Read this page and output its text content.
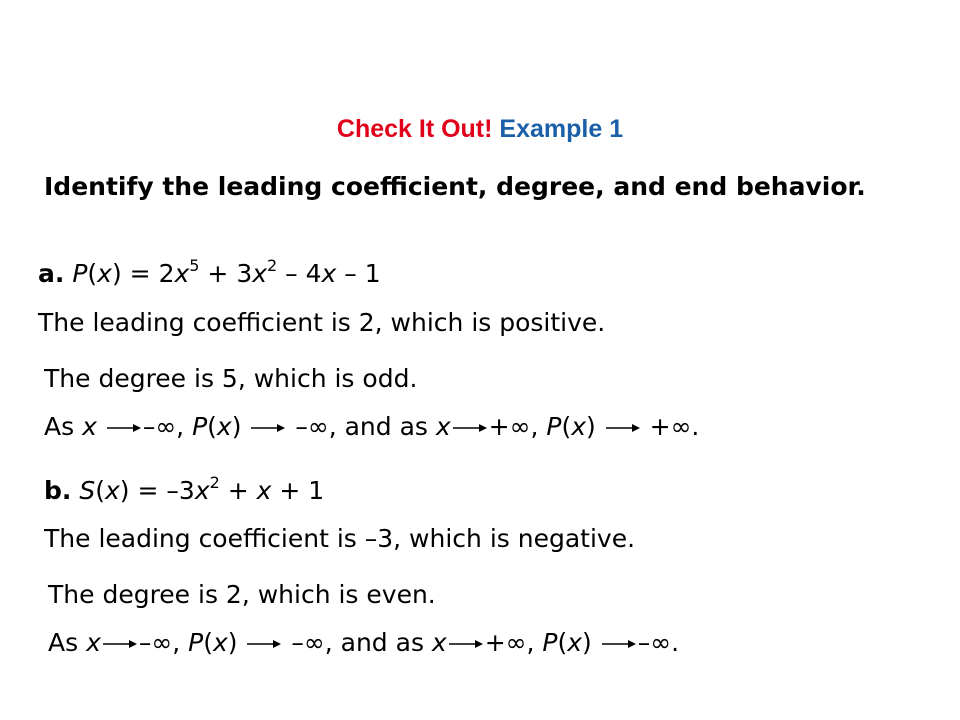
Check It Out! Example 1
Identify the leading coefficient, degree, and end behavior.
a. $P(x) = 2x^5 + 3x^2 - 4x - 1$
The leading coefficient is 2, which is positive.
The degree is 5, which is odd.
As x –∞, P(x)
–∞, and as x +∞, P(x)
+∞.
b. $S(x) = -3x^2 + x + 1$
The leading coefficient is –3, which is negative.
The degree is 2, which is even.
As x –∞, P(x)
–∞, and as x +∞, P(x)
–∞.
